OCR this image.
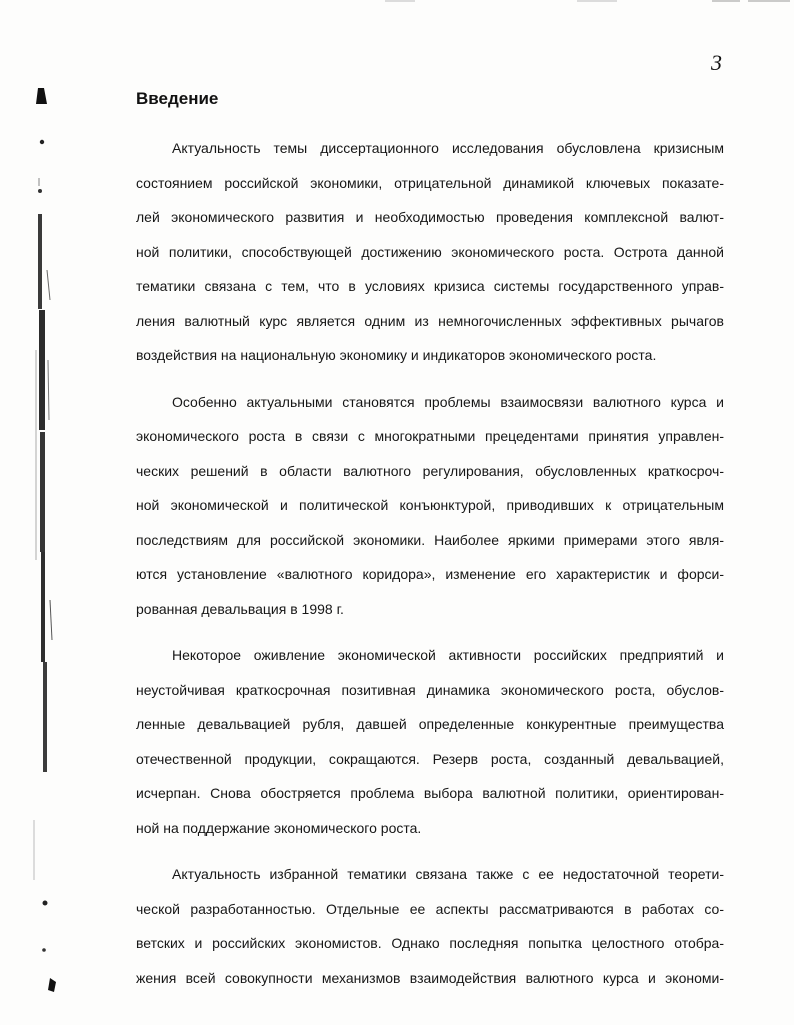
3
Введение
Актуальность темы диссертационного исследования обусловлена кризисным
состоянием российской экономики, отрицательной динамикой ключевых показате-
лей экономического развития и необходимостью проведения комплексной валют-
ной политики, способствующей достижению экономического роста. Острота данной
тематики связана с тем, что в условиях кризиса системы государственного управ-
ления валютный курс является одним из немногочисленных эффективных рычагов
воздействия на национальную экономику и индикаторов экономического роста.
Особенно актуальными становятся проблемы взаимосвязи валютного курса и
экономического роста в связи с многократными прецедентами принятия управлен-
ческих решений в области валютного регулирования, обусловленных краткосроч-
ной экономической и политической конъюнктурой, приводивших к отрицательным
последствиям для российской экономики. Наиболее яркими примерами этого явля-
ются установление «валютного коридора», изменение его характеристик и форси-
рованная девальвация в 1998 г.
Некоторое оживление экономической активности российских предприятий и
неустойчивая краткосрочная позитивная динамика экономического роста, обуслов-
ленные девальвацией рубля, давшей определенные конкурентные преимущества
отечественной продукции, сокращаются. Резерв роста, созданный девальвацией,
исчерпан. Снова обостряется проблема выбора валютной политики, ориентирован-
ной на поддержание экономического роста.
Актуальность избранной тематики связана также с ее недостаточной теорети-
ческой разработанностью. Отдельные ее аспекты рассматриваются в работах со-
ветских и российских экономистов. Однако последняя попытка целостного отобра-
жения всей совокупности механизмов взаимодействия валютного курса и экономи-
